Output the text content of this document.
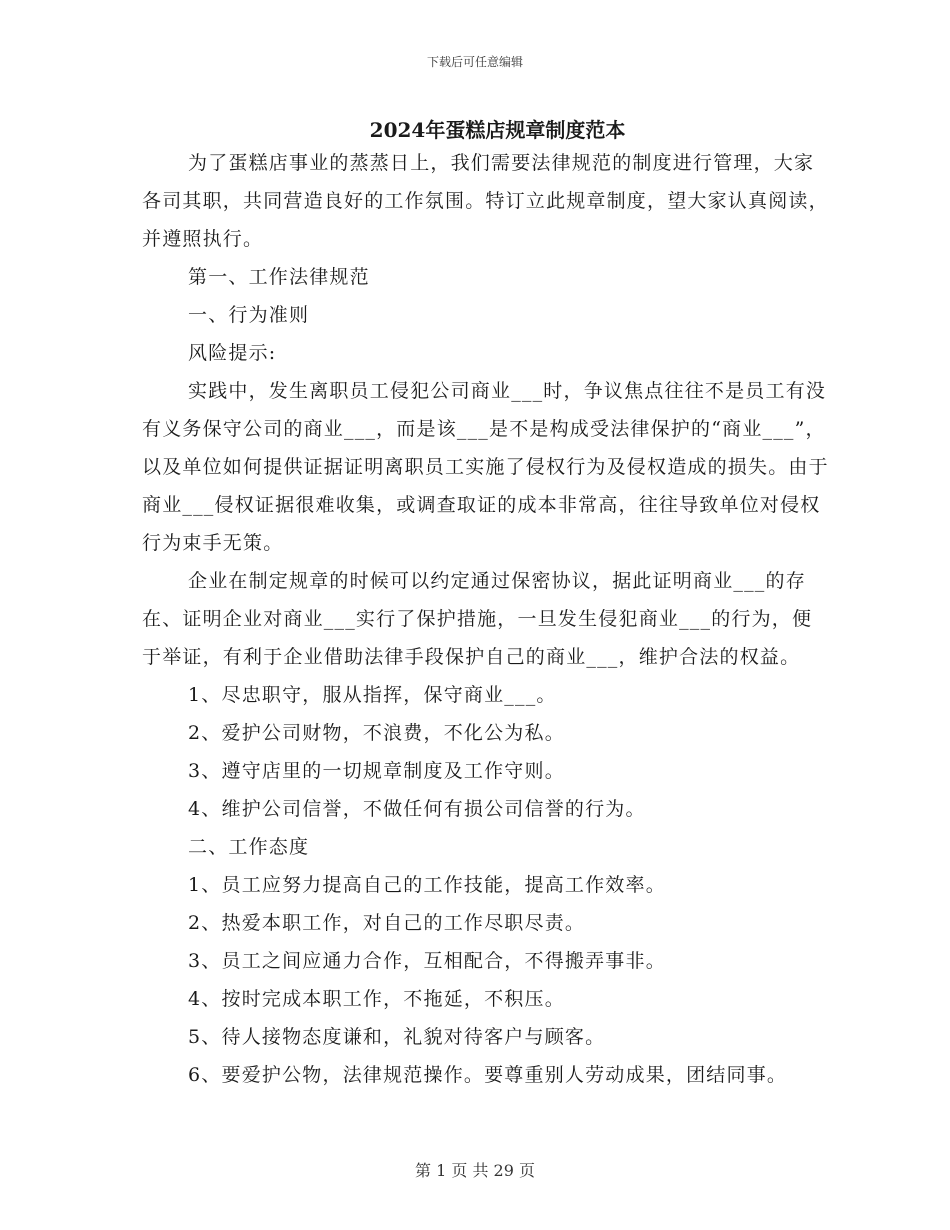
下载后可任意编辑
2024年蛋糕店规章制度范本

为了蛋糕店事业的蒸蒸日上，我们需要法律规范的制度进行管理，大家各司其职，共同营造良好的工作氛围。特订立此规章制度，望大家认真阅读，并遵照执行。

第一、工作法律规范

一、行为准则

风险提示:

实践中，发生离职员工侵犯公司商业___时，争议焦点往往不是员工有没有义务保守公司的商业___，而是该___是不是构成受法律保护的“商业___”，以及单位如何提供证据证明离职员工实施了侵权行为及侵权造成的损失。由于商业___侵权证据很难收集，或调查取证的成本非常高，往往导致单位对侵权行为束手无策。

企业在制定规章的时候可以约定通过保密协议，据此证明商业___的存在、证明企业对商业___实行了保护措施，一旦发生侵犯商业___的行为，便于举证，有利于企业借助法律手段保护自己的商业___，维护合法的权益。

1、尽忠职守，服从指挥，保守商业___。

2、爱护公司财物，不浪费，不化公为私。

3、遵守店里的一切规章制度及工作守则。

4、维护公司信誉，不做任何有损公司信誉的行为。

二、工作态度

1、员工应努力提高自己的工作技能，提高工作效率。

2、热爱本职工作，对自己的工作尽职尽责。

3、员工之间应通力合作，互相配合，不得搬弄事非。

4、按时完成本职工作，不拖延，不积压。

5、待人接物态度谦和，礼貌对待客户与顾客。

6、要爱护公物，法律规范操作。要尊重别人劳动成果，团结同事。

第 1 页 共 29 页
